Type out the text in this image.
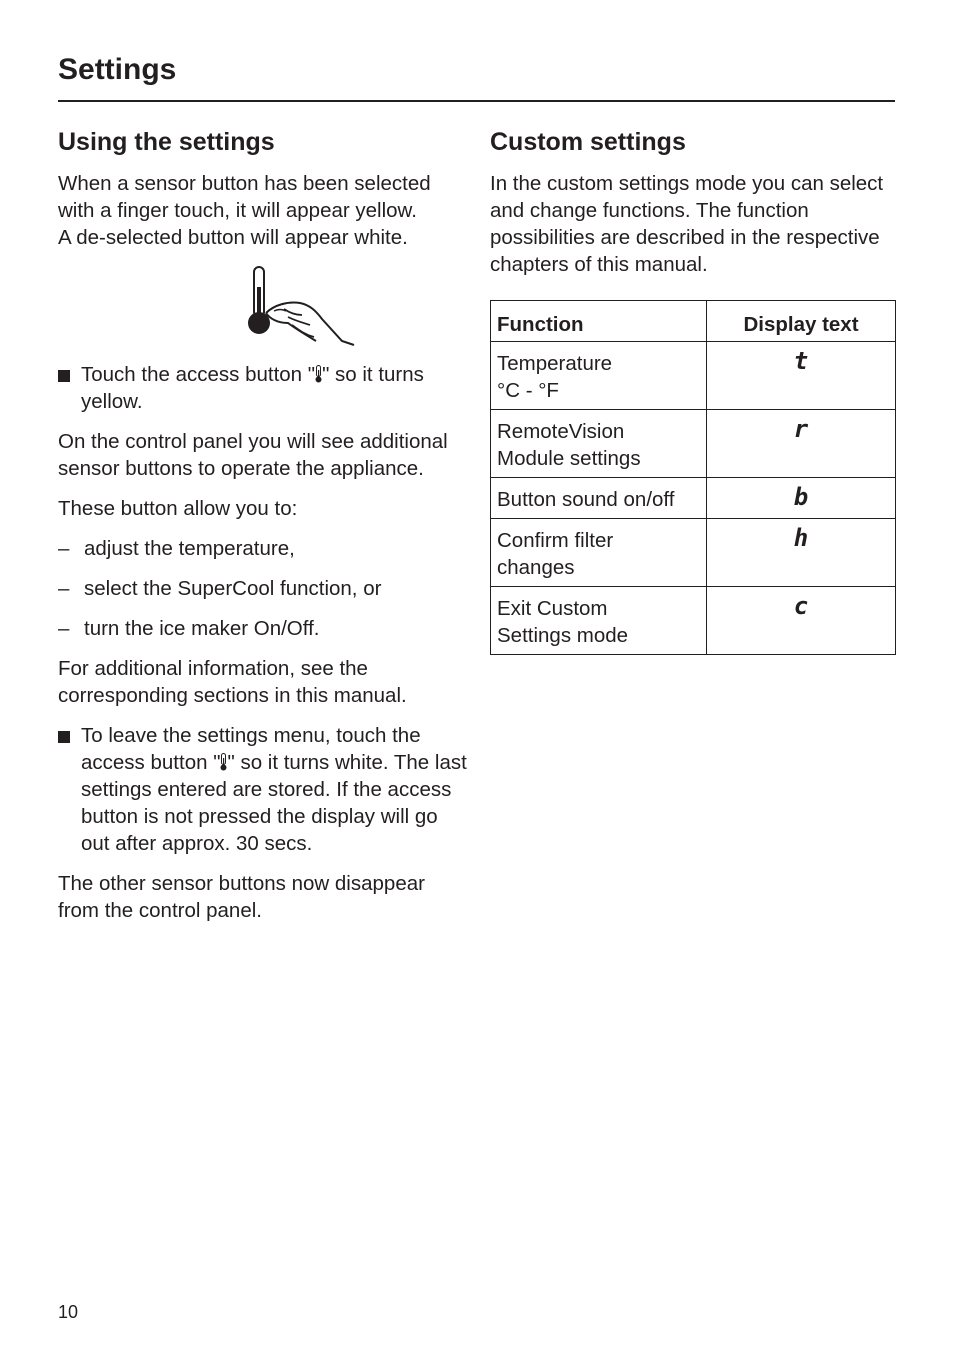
Settings
Using the settings

When a sensor button has been selected with a finger touch, it will appear yellow.

A de-selected button will appear white.

Touch the access button " " so it turns yellow.

On the control panel you will see additional sensor buttons to operate the appliance.

These button allow you to:

– adjust the temperature,
– select the SuperCool function, or
– turn the ice maker On/Off.

For additional information, see the corresponding sections in this manual.

To leave the settings menu, touch the access button " " so it turns white. The last settings entered are stored. If the access button is not pressed the display will go out after approx. 30 secs.

The other sensor buttons now disappear from the control panel.

Custom settings

In the custom settings mode you can select and change functions. The function possibilities are described in the respective chapters of this manual.

Function	Display text

Temperature
°C - °F	t

RemoteVision
Module settings	r

Button sound on/off	b

Confirm filter
changes	h

Exit Custom
Settings mode	c
10
